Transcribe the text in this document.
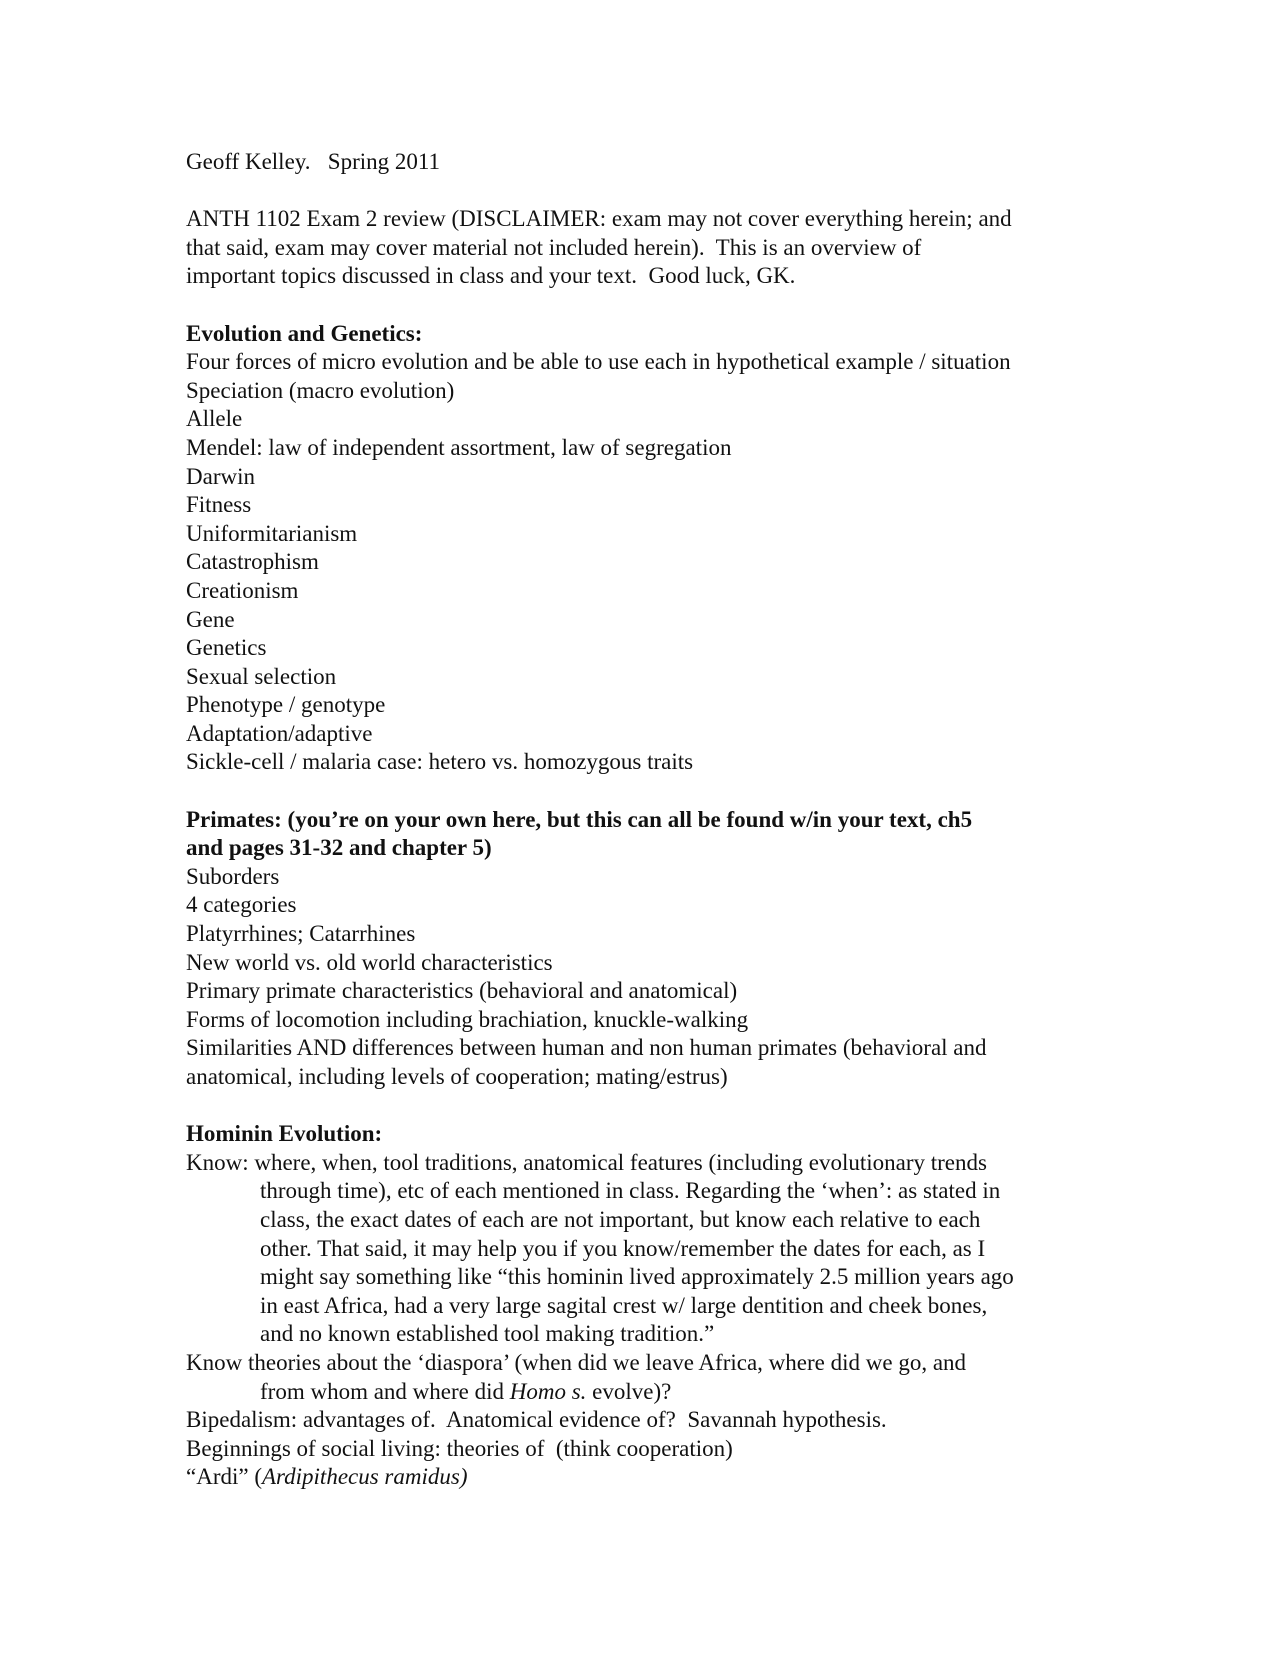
Geoff Kelley.   Spring 2011
ANTH 1102 Exam 2 review (DISCLAIMER: exam may not cover everything herein; and
that said, exam may cover material not included herein).  This is an overview of
important topics discussed in class and your text.  Good luck, GK.
Evolution and Genetics:
Four forces of micro evolution and be able to use each in hypothetical example / situation
Speciation (macro evolution)
Allele
Mendel: law of independent assortment, law of segregation
Darwin
Fitness
Uniformitarianism
Catastrophism
Creationism
Gene
Genetics
Sexual selection
Phenotype / genotype
Adaptation/adaptive
Sickle-cell / malaria case: hetero vs. homozygous traits
Primates: (you’re on your own here, but this can all be found w/in your text, ch5
and pages 31-32 and chapter 5)
Suborders
4 categories
Platyrrhines; Catarrhines
New world vs. old world characteristics
Primary primate characteristics (behavioral and anatomical)
Forms of locomotion including brachiation, knuckle-walking
Similarities AND differences between human and non human primates (behavioral and
anatomical, including levels of cooperation; mating/estrus)
Hominin Evolution:
Know: where, when, tool traditions, anatomical features (including evolutionary trends
through time), etc of each mentioned in class. Regarding the ‘when’: as stated in
class, the exact dates of each are not important, but know each relative to each
other. That said, it may help you if you know/remember the dates for each, as I
might say something like “this hominin lived approximately 2.5 million years ago
in east Africa, had a very large sagital crest w/ large dentition and cheek bones,
and no known established tool making tradition.”
Know theories about the ‘diaspora’ (when did we leave Africa, where did we go, and
from whom and where did Homo s. evolve)?
Bipedalism: advantages of.  Anatomical evidence of?  Savannah hypothesis.
Beginnings of social living: theories of  (think cooperation)
“Ardi” (Ardipithecus ramidus)
